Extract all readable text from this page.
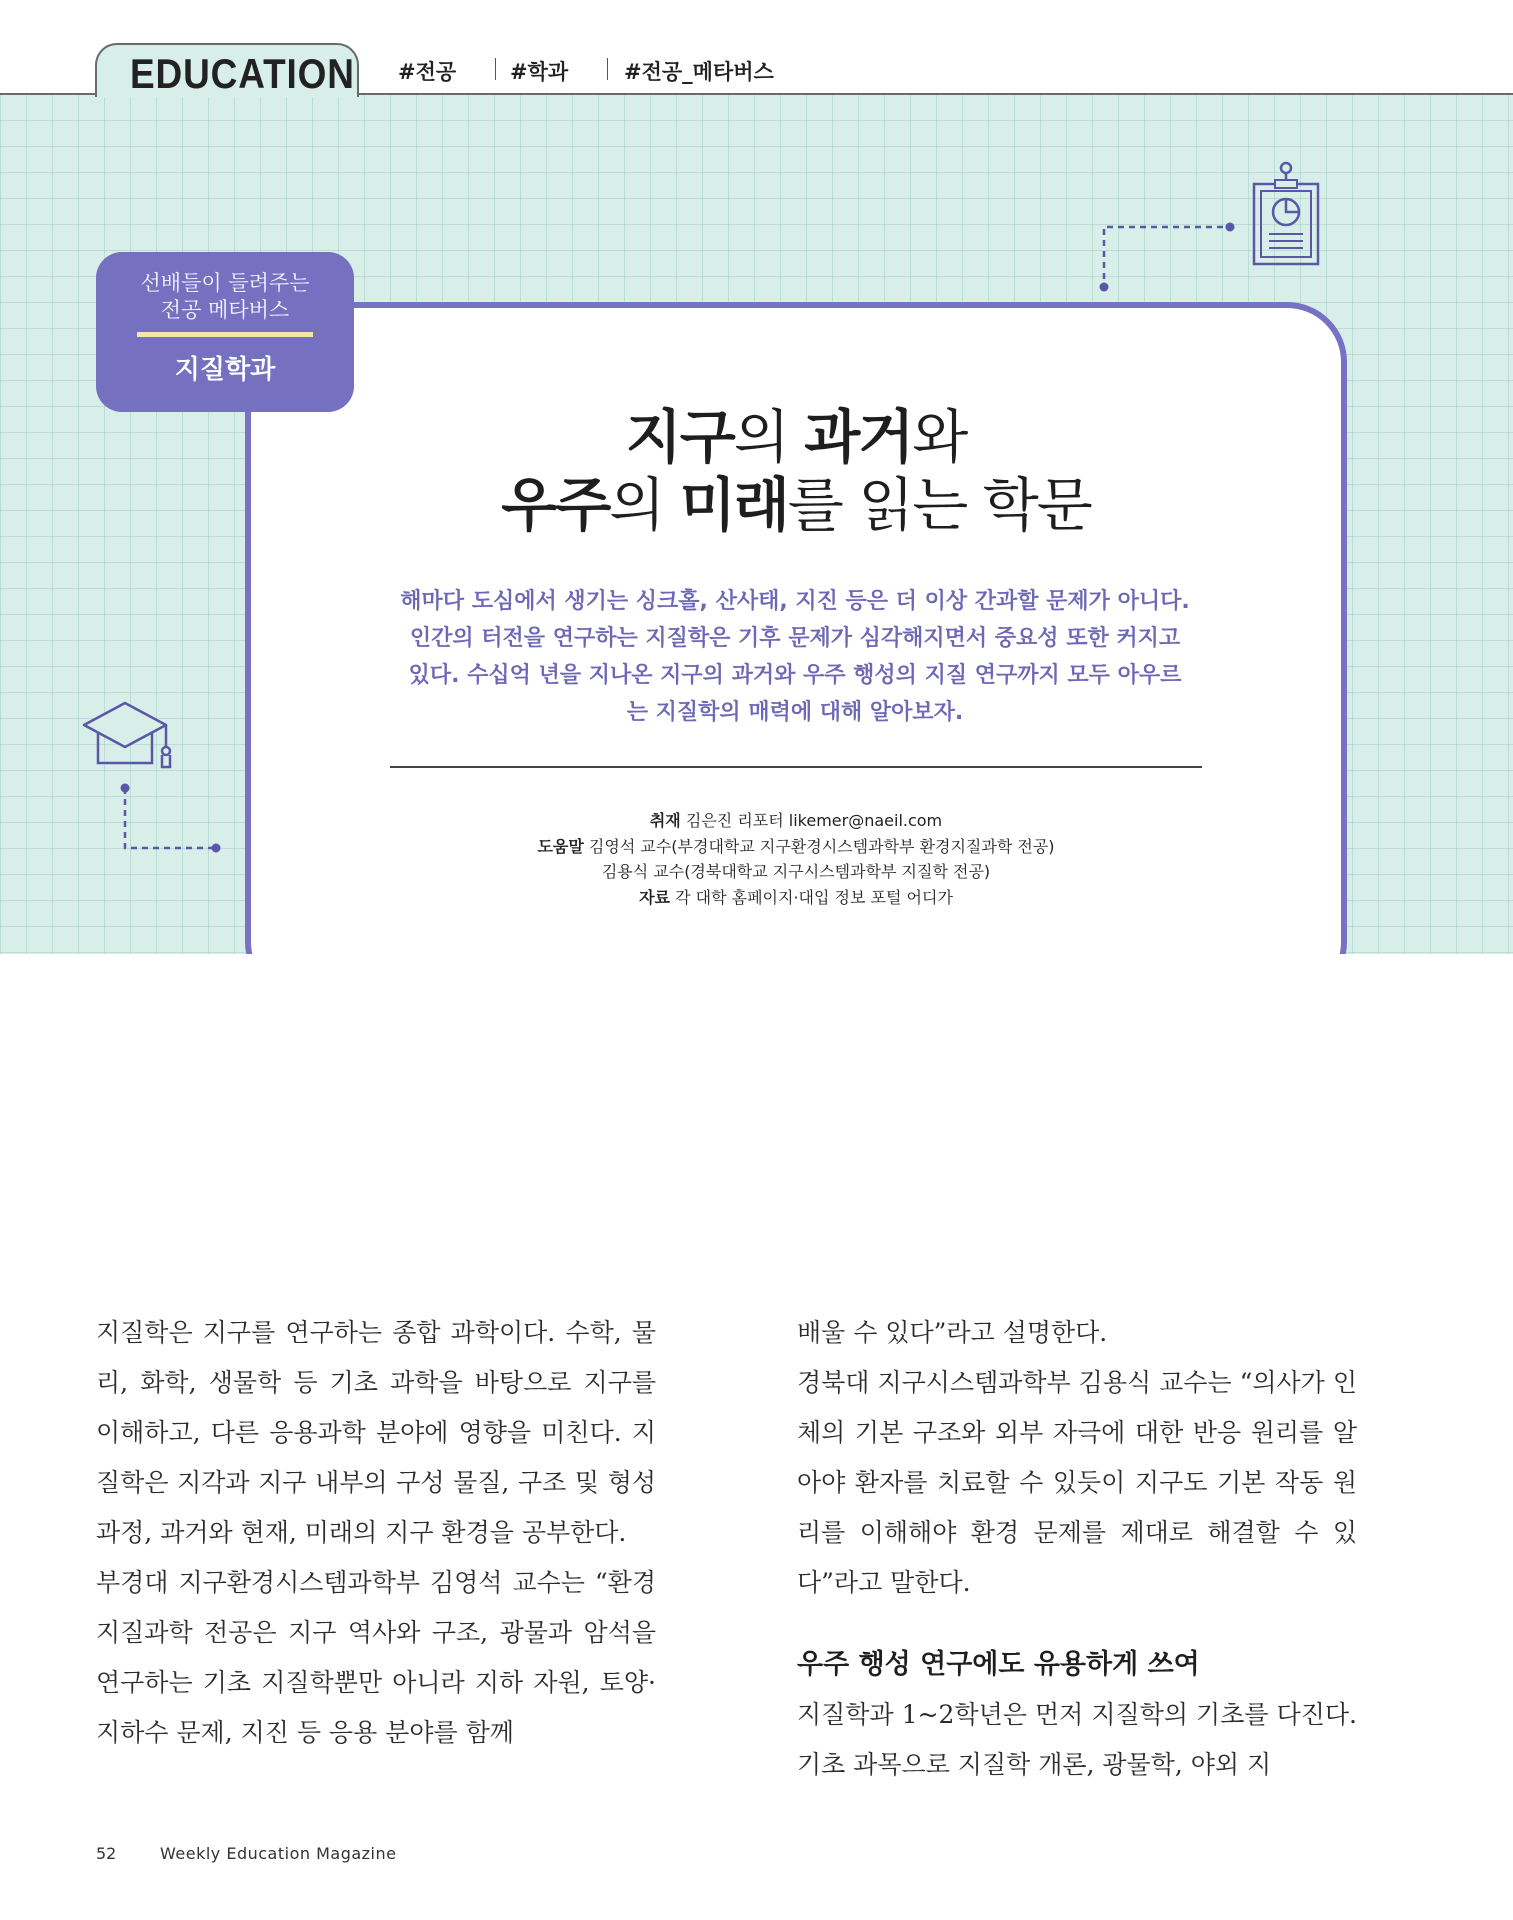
EDUCATION #전공	#학과	#전공_메타버스
선배들이 들려주는
전공 메타버스
지질학과
지구의 과거와
우주의 미래를 읽는 학문
해마다 도심에서 생기는 싱크홀, 산사태, 지진 등은 더 이상 간과할 문제가 아니다. 인간의 터전을 연구하는 지질학은 기후 문제가 심각해지면서 중요성 또한 커지고 있다. 수십억 년을 지나온 지구의 과거와 우주 행성의 지질 연구까지 모두 아우르는 지질학의 매력에 대해 알아보자.
취재 김은진 리포터 likemer@naeil.com
도움말 김영석 교수(부경대학교 지구환경시스템과학부 환경지질과학 전공)
김용식 교수(경북대학교 지구시스템과학부 지질학 전공)
자료 각 대학 홈페이지·대입 정보 포털 어디가

지질학은 지구를 연구하는 종합 과학이다. 수학, 물리, 화학, 생물학 등 기초 과학을 바탕으로 지구를 이해하고, 다른 응용과학 분야에 영향을 미친다. 지질학은 지각과 지구 내부의 구성 물질, 구조 및 형성 과정, 과거와 현재, 미래의 지구 환경을 공부한다.

부경대 지구환경시스템과학부 김영석 교수는 “환경지질과학 전공은 지구 역사와 구조, 광물과 암석을 연구하는 기초 지질학뿐만 아니라 지하 자원, 토양·지하수 문제, 지진 등 응용 분야를 함께

배울 수 있다”라고 설명한다.

경북대 지구시스템과학부 김용식 교수는 “의사가 인체의 기본 구조와 외부 자극에 대한 반응 원리를 알아야 환자를 치료할 수 있듯이 지구도 기본 작동 원리를 이해해야 환경 문제를 제대로 해결할 수 있다”라고 말한다.

우주 행성 연구에도 유용하게 쓰여

지질학과 1~2학년은 먼저 지질학의 기초를 다진다. 기초 과목으로 지질학 개론, 광물학, 야외 지

52	Weekly Education Magazine
